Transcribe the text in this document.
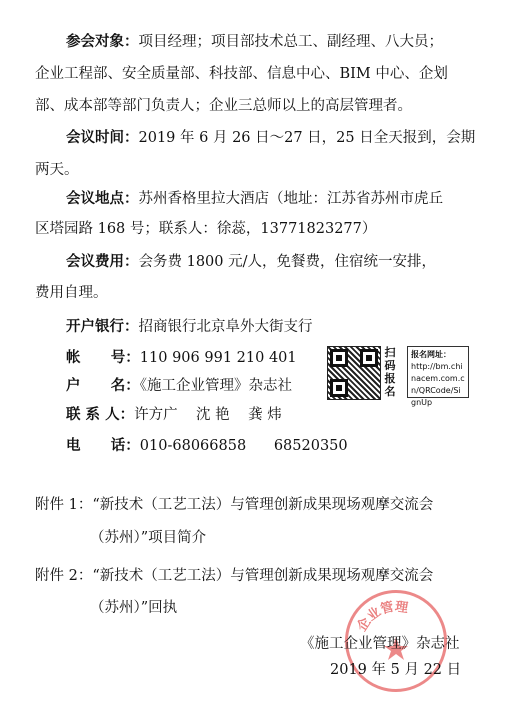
参会对象：项目经理；项目部技术总工、副经理、八大员；
企业工程部、安全质量部、科技部、信息中心、BIM 中心、企划
部、成本部等部门负责人；企业三总师以上的高层管理者。
会议时间：2019 年 6 月 26 日～27 日，25 日全天报到，会期
两天。
会议地点：苏州香格里拉大酒店（地址：江苏省苏州市虎丘
区塔园路 168 号；联系人：徐蕊，13771823277）
会议费用：会务费 1800 元/人，免餐费，住宿统一安排，
费用自理。
开户银行：招商银行北京阜外大街支行
帐      号：110 906 991 210 401
户      名：《施工企业管理》杂志社
联 系 人：许方广    沈 艳    龚 炜
电      话：010-68066858      68520350
扫码报名
报名网址：
http://bm.chinacem.com.cn/QRCode/SignUp
附件 1：“新技术（工艺工法）与管理创新成果现场观摩交流会
（苏州）”项目简介
附件 2：“新技术（工艺工法）与管理创新成果现场观摩交流会
（苏州）”回执
企业管理
《施工企业管理》杂志社
2019 年 5 月 22 日
